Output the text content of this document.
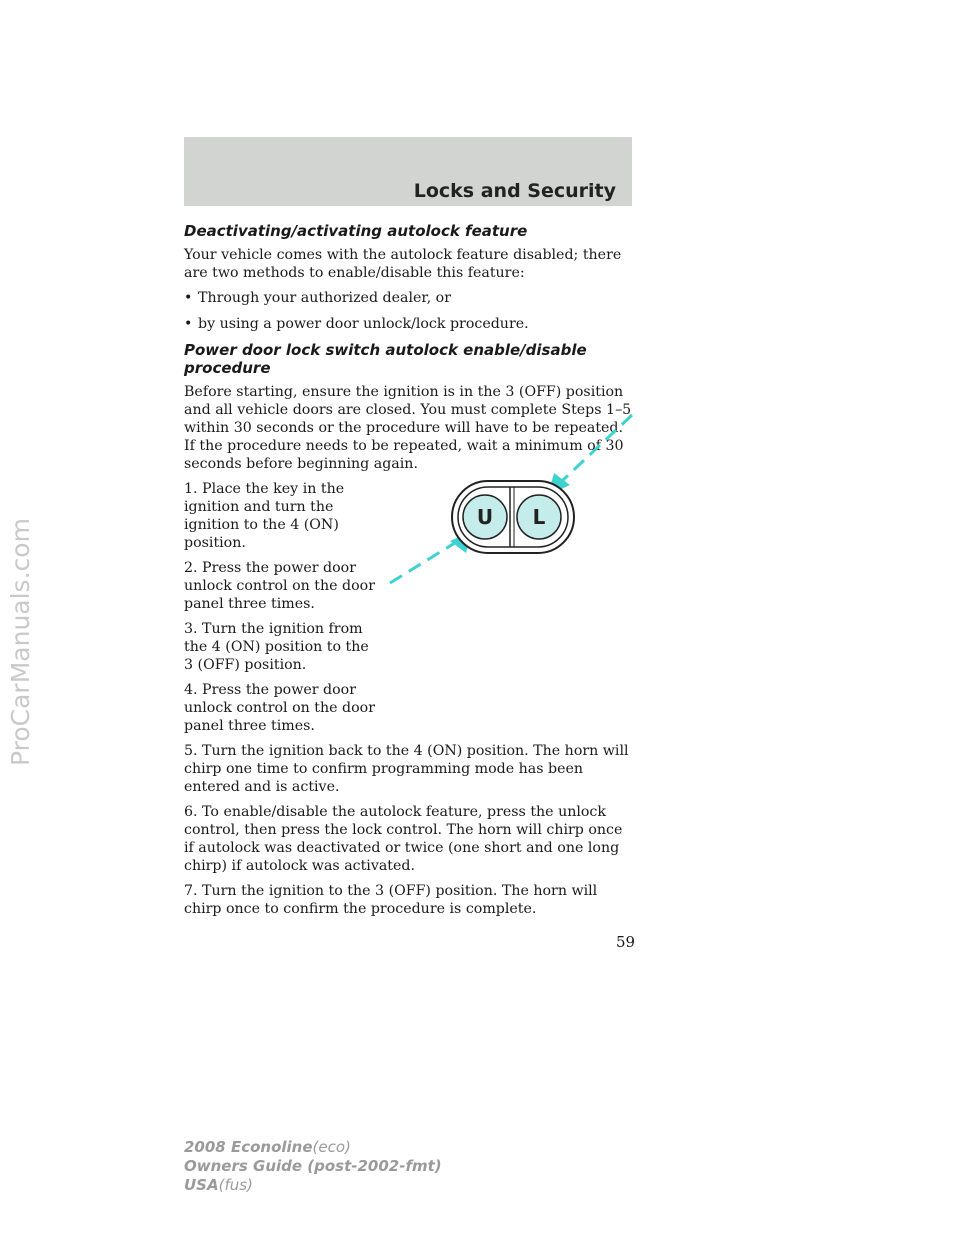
Locks and Security
ProCarManuals.com
Deactivating/activating autolock feature

Your vehicle comes with the autolock feature disabled; there are two methods to enable/disable this feature:

• Through your authorized dealer, or
• by using a power door unlock/lock procedure.
Power door lock switch autolock enable/disable procedure

Before starting, ensure the ignition is in the 3 (OFF) position and all vehicle doors are closed. You must complete Steps 1–5 within 30 seconds or the procedure will have to be repeated. If the procedure needs to be repeated, wait a minimum of 30 seconds before beginning again.

1. Place the key in the ignition and turn the ignition to the 4 (ON) position.

2. Press the power door unlock control on the door panel three times.

3. Turn the ignition from the 4 (ON) position to the 3 (OFF) position.

4. Press the power door unlock control on the door panel three times.

5. Turn the ignition back to the 4 (ON) position. The horn will chirp one time to confirm programming mode has been entered and is active.

6. To enable/disable the autolock feature, press the unlock control, then press the lock control. The horn will chirp once if autolock was deactivated or twice (one short and one long chirp) if autolock was activated.

7. Turn the ignition to the 3 (OFF) position. The horn will chirp once to confirm the procedure is complete.

U L
59
2008 Econoline(eco)
Owners Guide (post-2002-fmt)
USA(fus)
